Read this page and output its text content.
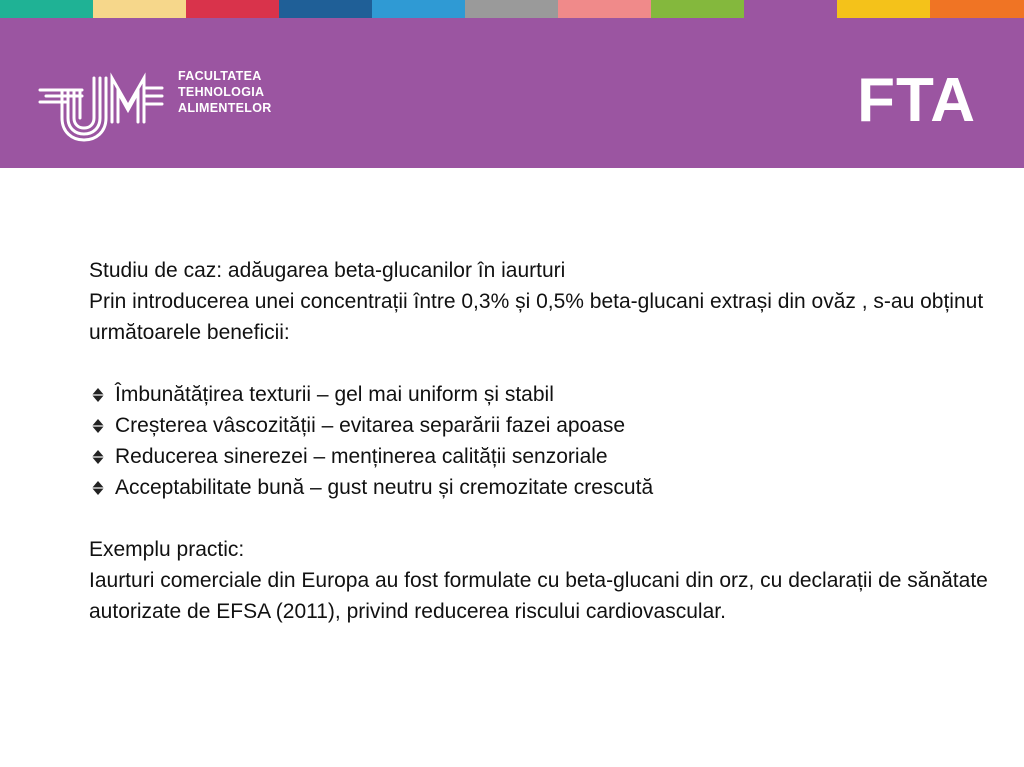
FACULTATEA
TEHNOLOGIA
ALIMENTELOR	FTA

Studiu de caz: adăugarea beta-glucanilor în iaurturi

Prin introducerea unei concentrații între 0,3% și 0,5% beta-glucani extrași din ovăz , s-au obținut următoarele beneficii:

Îmbunătățirea texturii – gel mai uniform și stabil
Creșterea vâscozității – evitarea separării fazei apoase
Reducerea sinerezei – menținerea calității senzoriale
Acceptabilitate bună – gust neutru și cremozitate crescută

Exemplu practic:

Iaurturi comerciale din Europa au fost formulate cu beta-glucani din orz, cu declarații de sănătate autorizate de EFSA (2011), privind reducerea riscului cardiovascular.
